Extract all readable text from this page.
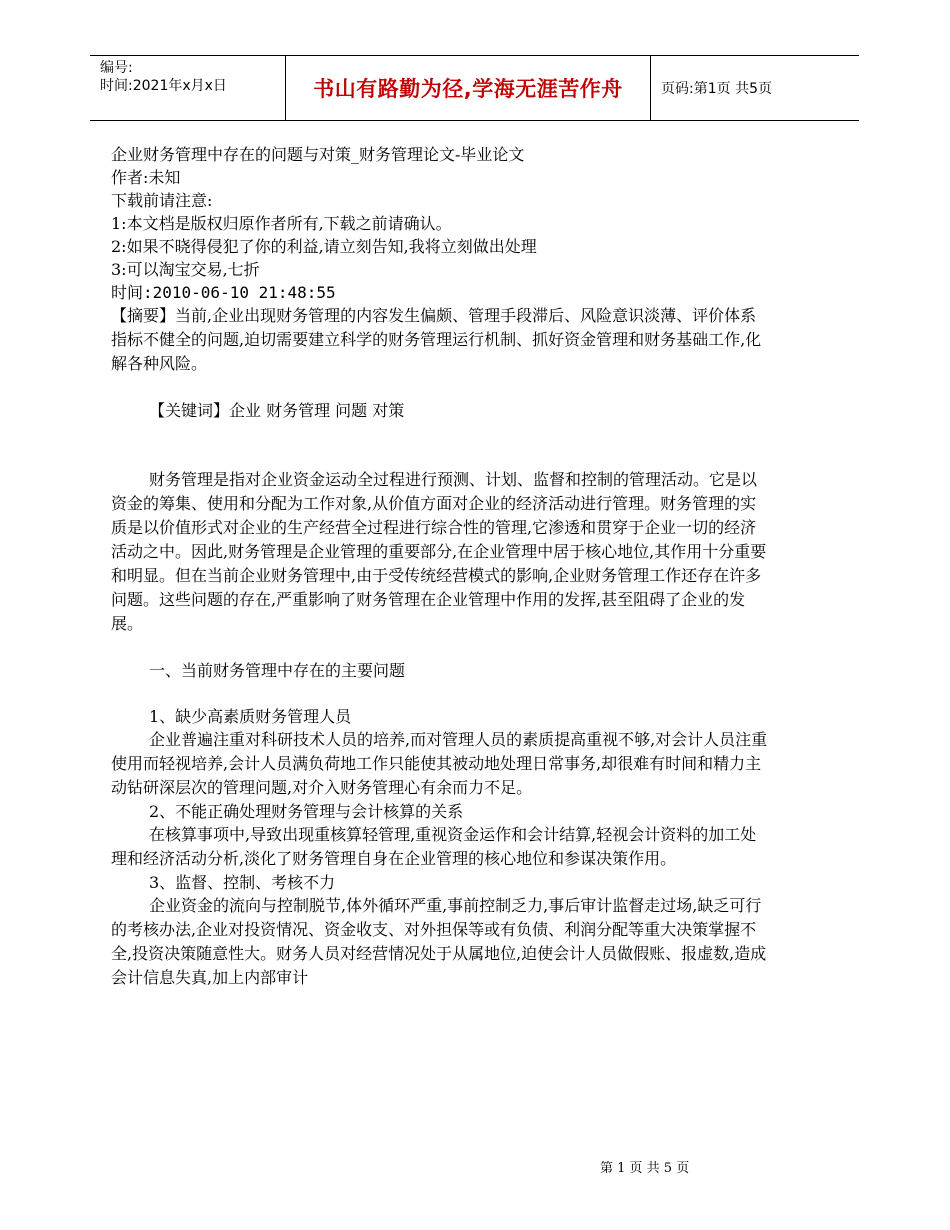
编号:
时间:2021年x月x日	书山有路勤为径,学海无涯苦作舟	页码:第1页 共5页

企业财务管理中存在的问题与对策_财务管理论文-毕业论文

作者:未知

下载前请注意:

1:本文档是版权归原作者所有,下载之前请确认。

2:如果不晓得侵犯了你的利益,请立刻告知,我将立刻做出处理

3:可以淘宝交易,七折

时间:2010-06-10 21:48:55

【摘要】当前,企业出现财务管理的内容发生偏颇、管理手段滞后、风险意识淡薄、评价体系指标不健全的问题,迫切需要建立科学的财务管理运行机制、抓好资金管理和财务基础工作,化解各种风险。

【关键词】企业 财务管理 问题 对策

财务管理是指对企业资金运动全过程进行预测、计划、监督和控制的管理活动。它是以资金的筹集、使用和分配为工作对象,从价值方面对企业的经济活动进行管理。财务管理的实质是以价值形式对企业的生产经营全过程进行综合性的管理,它渗透和贯穿于企业一切的经济活动之中。因此,财务管理是企业管理的重要部分,在企业管理中居于核心地位,其作用十分重要和明显。但在当前企业财务管理中,由于受传统经营模式的影响,企业财务管理工作还存在许多问题。这些问题的存在,严重影响了财务管理在企业管理中作用的发挥,甚至阻碍了企业的发展。

一、当前财务管理中存在的主要问题

1、缺少高素质财务管理人员

企业普遍注重对科研技术人员的培养,而对管理人员的素质提高重视不够,对会计人员注重使用而轻视培养,会计人员满负荷地工作只能使其被动地处理日常事务,却很难有时间和精力主动钻研深层次的管理问题,对介入财务管理心有余而力不足。

2、不能正确处理财务管理与会计核算的关系

在核算事项中,导致出现重核算轻管理,重视资金运作和会计结算,轻视会计资料的加工处理和经济活动分析,淡化了财务管理自身在企业管理的核心地位和参谋决策作用。

3、监督、控制、考核不力

企业资金的流向与控制脱节,体外循环严重,事前控制乏力,事后审计监督走过场,缺乏可行的考核办法,企业对投资情况、资金收支、对外担保等或有负债、利润分配等重大决策掌握不全,投资决策随意性大。财务人员对经营情况处于从属地位,迫使会计人员做假账、报虚数,造成会计信息失真,加上内部审计

第 1 页 共 5 页
